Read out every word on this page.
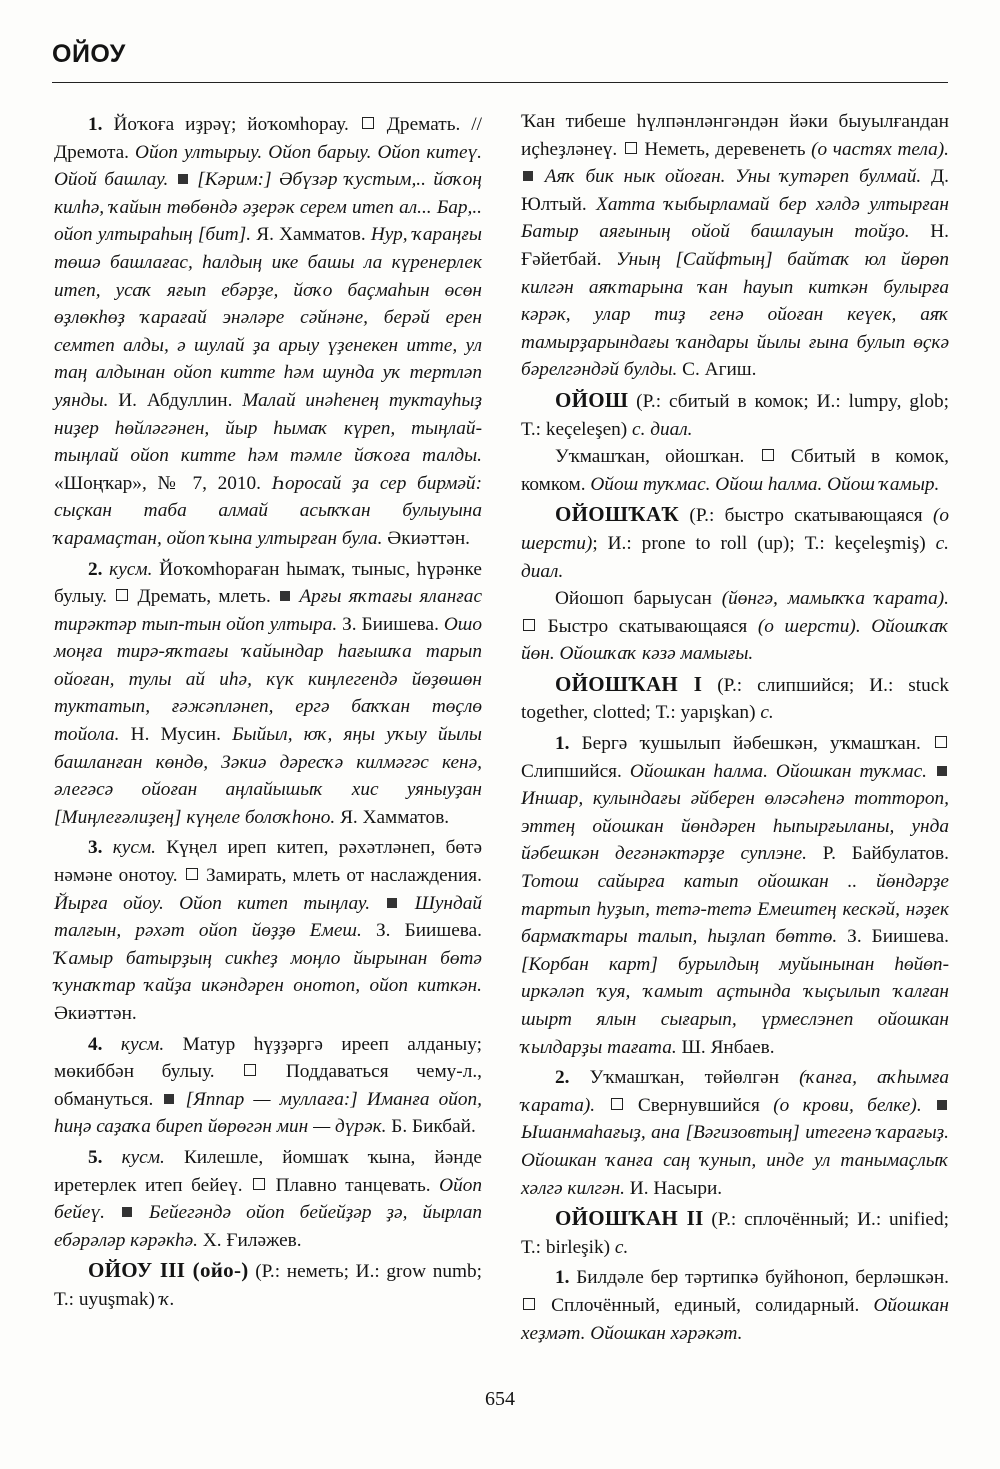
ОЙОУ

1. Йоҡоға иҙрәү; йоҡомһорау.  Дремать. // Дремота. Ойоп ултырыу. Ойоп барыу. Ойоп китеү. Ойой башлау. [Кәрим:] Әбүзәр ҡустым,.. йоҡоң килһә, ҡайын төбөндә әҙерәк серем итеп ал... Бар,.. ойоп ултыраһың [бит]. Я. Хамматов. Нур, ҡараңғы төшә башлағас, һалдың ике башы ла күренерлек итеп, усаҡ яғып ебәрҙе, йоҡо баҫмаһын өсөн өҙлөкһөҙ ҡарағай энәләре сәйнәне, берәй ерен семтеп алды, ә шулай ҙа арыу үҙенекен итте, ул таң алдынан ойоп китте һәм шунда уҡ тертләп уянды. И. Абдуллин. Малай инәһенең туктауһыҙ ниҙер һөйләгәнен, йыр һымаҡ күреп, тыңлай-тыңлай ойоп китте һәм тәмле йоҡоға талды. «Шоңҡар», № 7, 2010. Һоросай ҙа сер бирмәй: сыҫкан таба алмай асыҡҡан булыуына ҡарамаҫтан, ойоп ҡына ултырған була. Әкиәттән.

2. кусм. Йоҡомһораған һымаҡ, тыныс, һүрәнке булыу.  Дремать, млеть.  Арғы яҡтағы яланғас тирәктәр тып-тын ойоп ултыра. З. Биишева. Ошо моңға тирә-яҡтағы ҡайындар һағышҡа тарып ойоған, тулы ай иһә, күк киңлегендә йөҙөшөн туктатып, ғәжәпләнеп, ергә баҡҡан төҫлө тойола. Н. Мусин. Быйыл, юҡ, яңы уҡыу йылы башланған көндө, Зәкиә дәресҡә килмәгәс кенә, әлегәсә ойоған аңлайышыҡ хис уяныуҙан [Миңлеғәлиҙең] күңеле болоҡһоно. Я. Хамматов.

3. кусм. Күңел иреп китеп, рәхәтләнеп, бөтә нәмәне онотоу.  Замирать, млеть от наслаждения. Йырға ойоу. Ойоп китеп тыңлау. Шундай талғын, рәхәт ойоп йөҙҙө Емеш. З. Биишева. Ҡамыр батырҙың сикһеҙ моңло йырынан бөтә ҡунаҡтар ҡайҙа икәндәрен онотоп, ойоп киткән. Әкиәттән.

4. кусм. Матур һүҙҙәргә ирееп алданыу; мөкиббән булыу.  Поддаваться чему-л., обмануться.  [Яппар — муллаға:] Иманға ойоп, һиңә саҙаҡа биреп йөрөгән мин — дүрәк. Б. Бикбай.

5. кусм. Килешле, йомшаҡ ҡына, йәнде иретерлек итеп бейеү.  Плавно танцевать. Ойоп бейеү. Бейегәндә ойоп бейейҙәр ҙә, йырлап ебәрәләр кәрәкһә. Х. Ғиләжев.

ОЙОУ III (ойо-) (Р.: неметь; И.: grow numb; Т.: uyuşmak) ҡ.

Ҡан тибеше һүлпәнләнгәндән йәки быуылғандан иҫһеҙләнеү.  Неметь, деревенеть (о частях тела).  Аяҡ бик нык ойоған. Уны ҡутәреп булмай. Д. Юлтый. Хатта ҡыбырламай бер хәлдә ултырған Батыр аяғының ойой башлауын тойҙо. Н. Ғәйетбай. Уның [Сайфтың] байтаҡ юл йөрөп килгән аяҡтарына ҡан һауып киткән булырға кәрәк, улар тиҙ генә ойоған кеүек, аяҡ тамырҙарындағы ҡандары йылы ғына булып өҫкә бәрелгәндәй булды. С. Агиш.

ОЙОШ (Р.: сбитый в комок; И.: lumpy, glob; Т.: keçeleşen) с. диал.

Уҡмашҡан, ойошҡан.  Сбитый в комок, комком. Ойош туҡмас. Ойош һалма. Ойош ҡамыр.

ОЙОШҠАҠ (Р.: быстро скатывающаяся (о шерсти); И.: prone to roll (up); Т.: keçeleşmiş) с. диал.

Ойошоп барыусан (йөнгә, мамыҡҡа ҡарата).  Быстро скатывающаяся (о шерсти). Ойошҡаҡ йөн. Ойошҡаҡ кәзә мамығы.

ОЙОШҠАН I (Р.: слипшийся; И.: stuck together, clotted; Т.: yapışkan) с.

1. Бергә ҡушылып йәбешкән, уҡмашҡан.  Слипшийся. Ойошкан һалма. Ойошкан туҡмас.  Иншар, кулындағы әйберен өләсәһенә тоттороп, эттең ойошкан йөндәрен һыпырғыланы, унда йәбешкән дегәнәктәрҙе суплэне. Р. Байбулатов. Тотош сайырға катып ойошкан .. йөндәрҙе тартып һуҙып, тетә-тетә Емештең кескәй, нәҙек бармаҡтары талып, һыҙлап бөттө. З. Биишева. [Корбан карт] бурылдың муйынынан һөйөп-иркәләп ҡуя, ҡамыт аҫтында ҡыҫылып ҡалған шырт ялын сығарып, үрмеслэнеп ойошкан ҡылдарҙы тағата. Ш. Янбаев.

2. Уҡмашҡан, төйөлгән (ҡанға, аҡһымға ҡарата).  Свернувшийся (о крови, белке).  Ышанмаһағыҙ, ана [Вәгизовтың] итегенә ҡарағыҙ. Ойошкан ҡанға саң ҡунып, инде ул танымаҫлыҡ хәлгә килгән. И. Насыри.

ОЙОШҠАН II (Р.: сплочённый; И.: unified; Т.: birleşik) с.

1. Билдәле бер тәртипкә буйһоноп, берләшкән.  Сплочённый, единый, солидарный. Ойошкан хеҙмәт. Ойошкан хәрәкәт.

654
